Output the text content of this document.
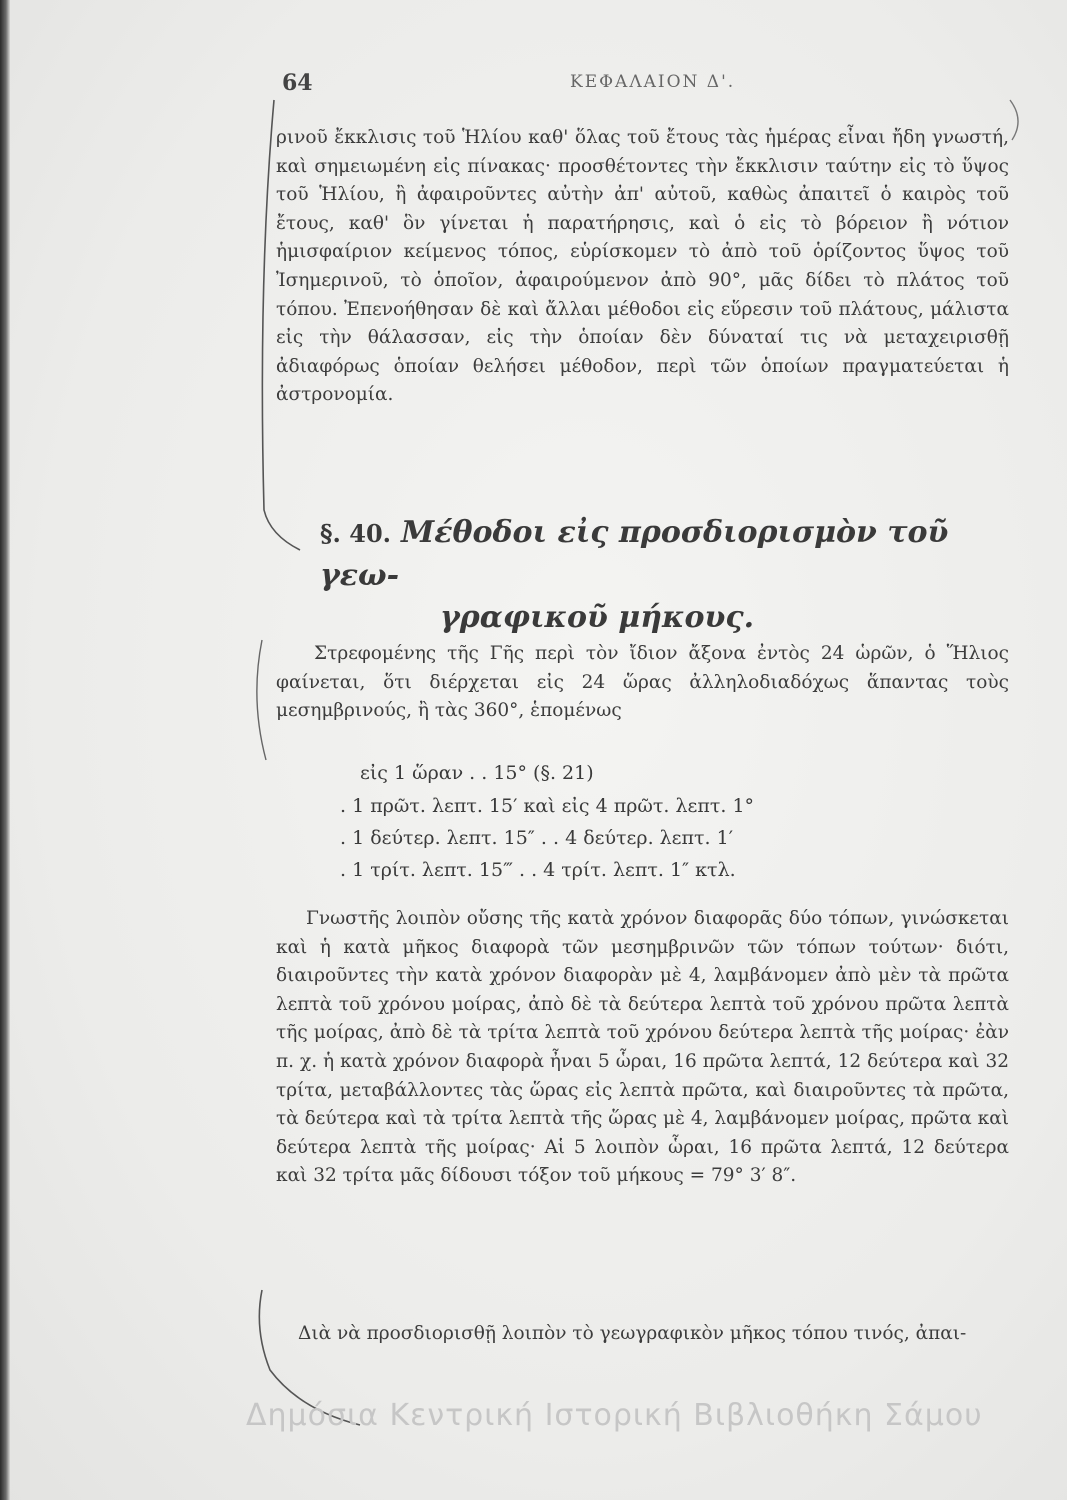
64	ΚΕΦΑΛΑΙΟΝ Δ'.

ρινοῦ ἔκκλισις τοῦ Ἡλίου καθ' ὅλας τοῦ ἔτους τὰς ἡμέρας εἶναι ἤδη γνωστή, καὶ σημειωμένη εἰς πίνακας· προσθέτοντες τὴν ἔκκλισιν ταύτην εἰς τὸ ὕψος τοῦ Ἡλίου, ἢ ἀφαιροῦντες αὐτὴν ἀπ' αὐτοῦ, καθὼς ἀπαιτεῖ ὁ καιρὸς τοῦ ἔτους, καθ' ὃν γίνεται ἡ παρατήρησις, καὶ ὁ εἰς τὸ βόρειον ἢ νότιον ἡμισφαίριον κείμενος τόπος, εὑρίσκομεν τὸ ἀπὸ τοῦ ὁρίζοντος ὕψος τοῦ Ἰσημερινοῦ, τὸ ὁποῖον, ἀφαιρούμενον ἀπὸ 90°, μᾶς δίδει τὸ πλάτος τοῦ τόπου. Ἐπενοήθησαν δὲ καὶ ἄλλαι μέθοδοι εἰς εὕρεσιν τοῦ πλάτους, μάλιστα εἰς τὴν θάλασσαν, εἰς τὴν ὁποίαν δὲν δύναταί τις νὰ μεταχειρισθῇ ἀδιαφόρως ὁποίαν θελήσει μέθοδον, περὶ τῶν ὁποίων πραγματεύεται ἡ ἀστρονομία.

§. 40. Μέθοδοι εἰς προσδιορισμὸν τοῦ γεω-
γραφικοῦ μήκους.

Στρεφομένης τῆς Γῆς περὶ τὸν ἴδιον ἄξονα ἐντὸς 24 ὡρῶν, ὁ Ἥλιος φαίνεται, ὅτι διέρχεται εἰς 24 ὥρας ἀλληλοδιαδόχως ἅπαντας τοὺς μεσημβρινούς, ἢ τὰς 360°, ἑπομένως

εἰς 1 ὥραν . . 15° (§. 21)
. 1 πρῶτ. λεπτ. 15′ καὶ εἰς 4 πρῶτ. λεπτ. 1°
. 1 δεύτερ. λεπτ. 15″ . . 4 δεύτερ. λεπτ. 1′
. 1 τρίτ. λεπτ. 15‴ . . 4 τρίτ. λεπτ. 1″ κτλ.

Γνωστῆς λοιπὸν οὔσης τῆς κατὰ χρόνον διαφορᾶς δύο τόπων, γινώσκεται καὶ ἡ κατὰ μῆκος διαφορὰ τῶν μεσημβρινῶν τῶν τόπων τούτων· διότι, διαιροῦντες τὴν κατὰ χρόνον διαφορὰν μὲ 4, λαμβάνομεν ἀπὸ μὲν τὰ πρῶτα λεπτὰ τοῦ χρόνου μοίρας, ἀπὸ δὲ τὰ δεύτερα λεπτὰ τοῦ χρόνου πρῶτα λεπτὰ τῆς μοίρας, ἀπὸ δὲ τὰ τρίτα λεπτὰ τοῦ χρόνου δεύτερα λεπτὰ τῆς μοίρας· ἐὰν π. χ. ἡ κατὰ χρόνον διαφορὰ ἦναι 5 ὧραι, 16 πρῶτα λεπτά, 12 δεύτερα καὶ 32 τρίτα, μεταβάλλοντες τὰς ὥρας εἰς λεπτὰ πρῶτα, καὶ διαιροῦντες τὰ πρῶτα, τὰ δεύτερα καὶ τὰ τρίτα λεπτὰ τῆς ὥρας μὲ 4, λαμβάνομεν μοίρας, πρῶτα καὶ δεύτερα λεπτὰ τῆς μοίρας· Αἱ 5 λοιπὸν ὧραι, 16 πρῶτα λεπτά, 12 δεύτερα καὶ 32 τρίτα μᾶς δίδουσι τόξον τοῦ μήκους = 79° 3′ 8″.

Διὰ νὰ προσδιορισθῇ λοιπὸν τὸ γεωγραφικὸν μῆκος τόπου τινός, ἀπαι-

Δημόσια Κεντρική Ιστορική Βιβλιοθήκη Σάμου
